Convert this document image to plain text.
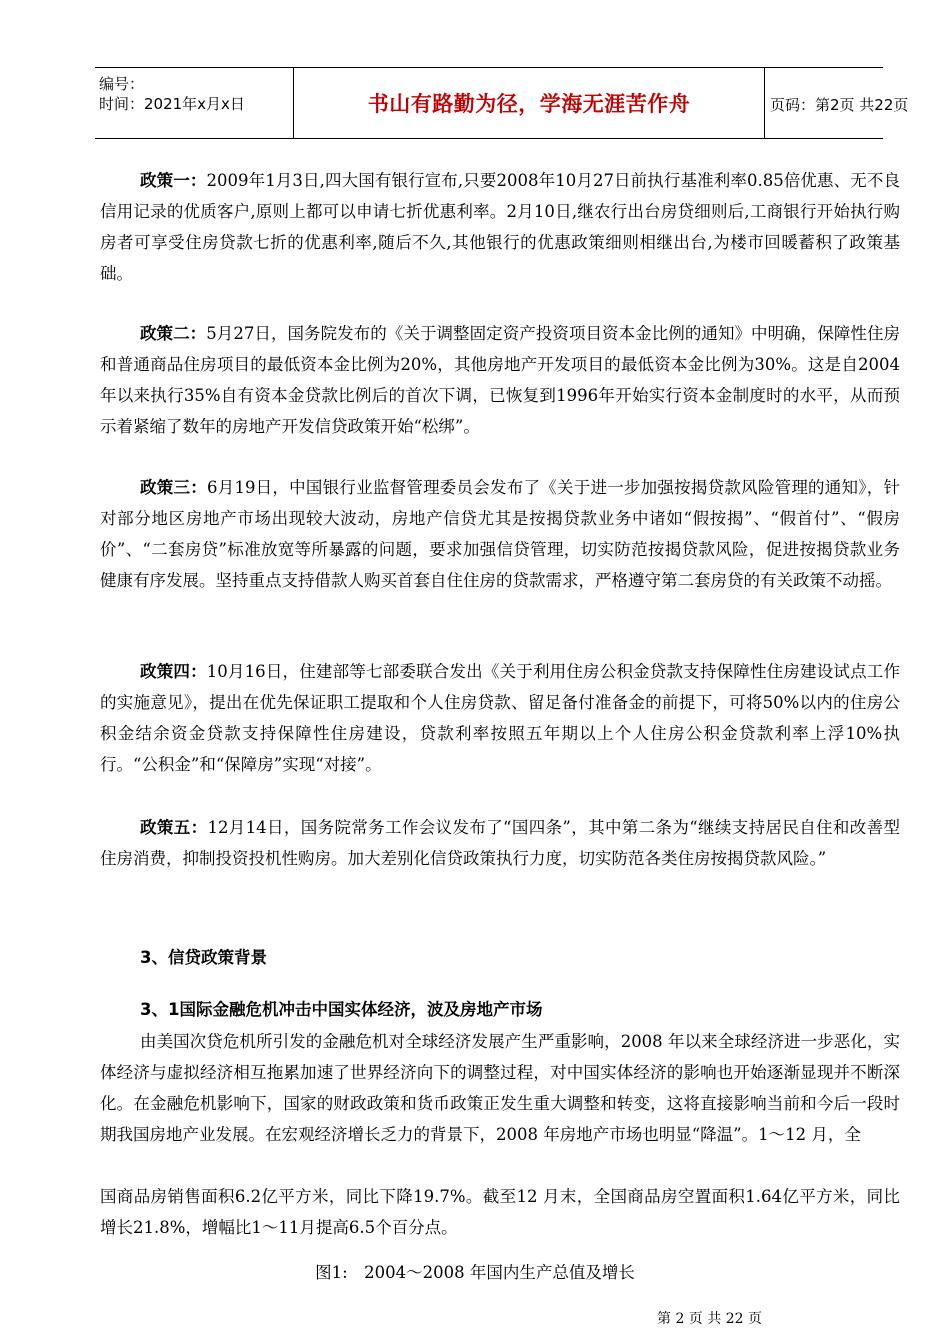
编号：
时间：2021年x月x日	书山有路勤为径，学海无涯苦作舟	页码：第2页 共22页
政策一：2009年1月3日,四大国有银行宣布,只要2008年10月27日前执行基准利率0.85倍优惠、无不良信用记录的优质客户,原则上都可以申请七折优惠利率。2月10日,继农行出台房贷细则后,工商银行开始执行购房者可享受住房贷款七折的优惠利率,随后不久,其他银行的优惠政策细则相继出台,为楼市回暖蓄积了政策基础。
政策二：5月27日，国务院发布的《关于调整固定资产投资项目资本金比例的通知》中明确，保障性住房和普通商品住房项目的最低资本金比例为20%，其他房地产开发项目的最低资本金比例为30%。这是自2004年以来执行35%自有资本金贷款比例后的首次下调，已恢复到1996年开始实行资本金制度时的水平，从而预示着紧缩了数年的房地产开发信贷政策开始“松绑”。
政策三：6月19日，中国银行业监督管理委员会发布了《关于进一步加强按揭贷款风险管理的通知》，针对部分地区房地产市场出现较大波动，房地产信贷尤其是按揭贷款业务中诸如“假按揭”、“假首付”、“假房价”、“二套房贷”标准放宽等所暴露的问题，要求加强信贷管理，切实防范按揭贷款风险，促进按揭贷款业务健康有序发展。坚持重点支持借款人购买首套自住住房的贷款需求，严格遵守第二套房贷的有关政策不动摇。
政策四：10月16日，住建部等七部委联合发出《关于利用住房公积金贷款支持保障性住房建设试点工作的实施意见》，提出在优先保证职工提取和个人住房贷款、留足备付准备金的前提下，可将50%以内的住房公积金结余资金贷款支持保障性住房建设，贷款利率按照五年期以上个人住房公积金贷款利率上浮10%执行。“公积金”和“保障房”实现“对接”。
政策五：12月14日，国务院常务工作会议发布了“国四条”，其中第二条为“继续支持居民自住和改善型住房消费，抑制投资投机性购房。加大差别化信贷政策执行力度，切实防范各类住房按揭贷款风险。”
3、信贷政策背景
3、1国际金融危机冲击中国实体经济，波及房地产市场
由美国次贷危机所引发的金融危机对全球经济发展产生严重影响，2008 年以来全球经济进一步恶化，实体经济与虚拟经济相互拖累加速了世界经济向下的调整过程，对中国实体经济的影响也开始逐渐显现并不断深化。在金融危机影响下，国家的财政政策和货币政策正发生重大调整和转变，这将直接影响当前和今后一段时期我国房地产业发展。在宏观经济增长乏力的背景下，2008 年房地产市场也明显“降温”。1～12 月，全
国商品房销售面积6.2亿平方米，同比下降19.7%。截至12 月末，全国商品房空置面积1.64亿平方米，同比增长21.8%，增幅比1～11月提高6.5个百分点。
图1:　2004～2008 年国内生产总值及增长
第 2 页 共 22 页
